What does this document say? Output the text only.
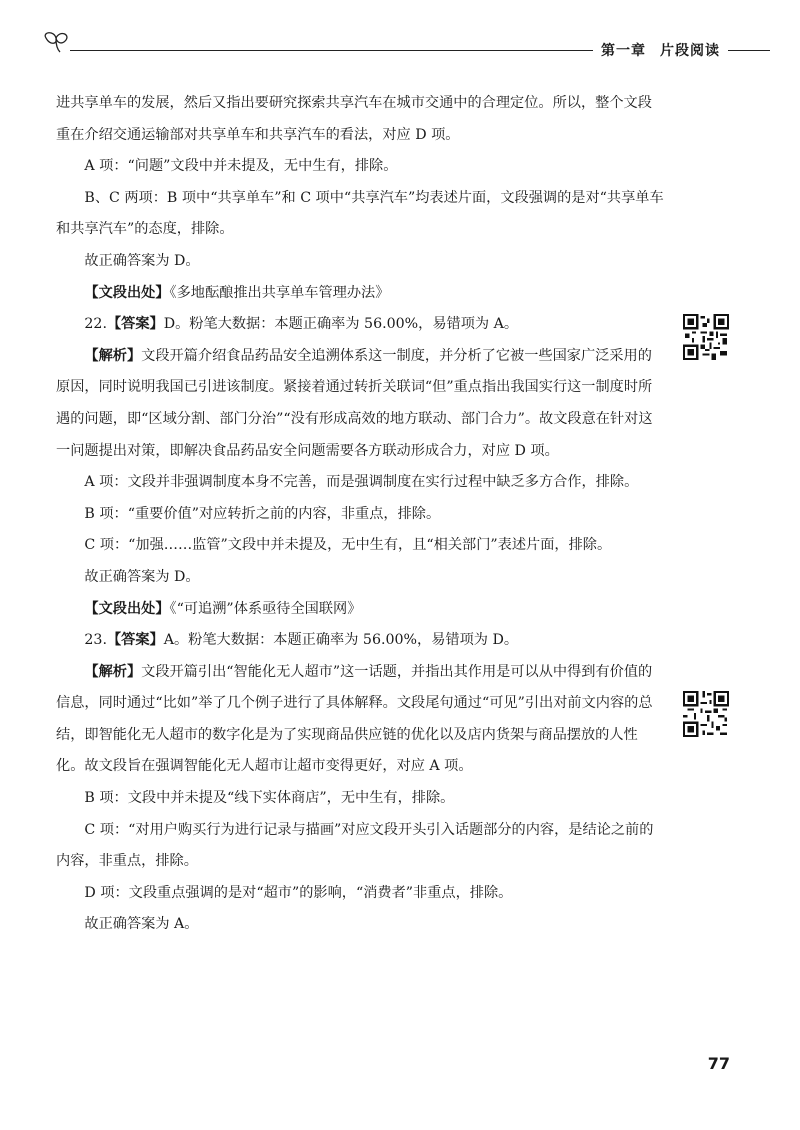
第一章 片段阅读

进共享单车的发展，然后又指出要研究探索共享汽车在城市交通中的合理定位。所以，整个文段重在介绍交通运输部对共享单车和共享汽车的看法，对应 D 项。

A 项：“问题”文段中并未提及，无中生有，排除。

B、C 两项：B 项中“共享单车”和 C 项中“共享汽车”均表述片面，文段强调的是对“共享单车和共享汽车”的态度，排除。

故正确答案为 D。

【文段出处】《多地酝酿推出共享单车管理办法》

22.【答案】D。粉笔大数据：本题正确率为 56.00%，易错项为 A。

【解析】文段开篇介绍食品药品安全追溯体系这一制度，并分析了它被一些国家广泛采用的原因，同时说明我国已引进该制度。紧接着通过转折关联词“但”重点指出我国实行这一制度时所遇的问题，即“区域分割、部门分治”“没有形成高效的地方联动、部门合力”。故文段意在针对这一问题提出对策，即解决食品药品安全问题需要各方联动形成合力，对应 D 项。

A 项：文段并非强调制度本身不完善，而是强调制度在实行过程中缺乏多方合作，排除。

B 项：“重要价值”对应转折之前的内容，非重点，排除。

C 项：“加强……监管”文段中并未提及，无中生有，且“相关部门”表述片面，排除。

故正确答案为 D。

【文段出处】《“可追溯”体系亟待全国联网》

23.【答案】A。粉笔大数据：本题正确率为 56.00%，易错项为 D。

【解析】文段开篇引出“智能化无人超市”这一话题，并指出其作用是可以从中得到有价值的信息，同时通过“比如”举了几个例子进行了具体解释。文段尾句通过“可见”引出对前文内容的总结，即智能化无人超市的数字化是为了实现商品供应链的优化以及店内货架与商品摆放的人性化。故文段旨在强调智能化无人超市让超市变得更好，对应 A 项。

B 项：文段中并未提及“线下实体商店”，无中生有，排除。

C 项：“对用户购买行为进行记录与描画”对应文段开头引入话题部分的内容，是结论之前的内容，非重点，排除。

D 项：文段重点强调的是对“超市”的影响，“消费者”非重点，排除。

故正确答案为 A。

77
